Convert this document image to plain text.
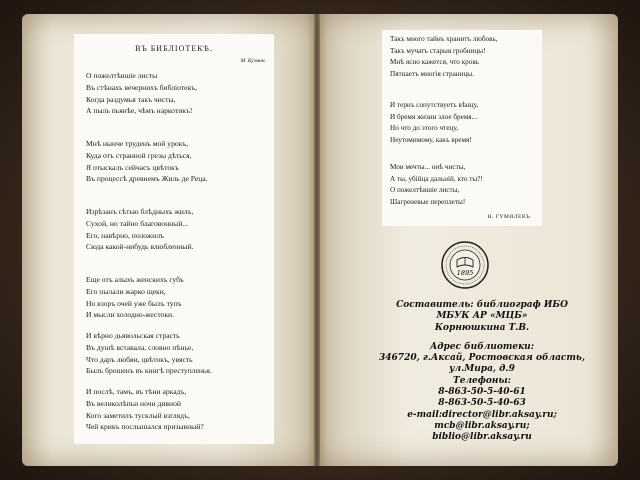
ВЪ БИБЛІОТЕКѢ.
М. Кузмин.
О пожелтѣвшіе листы
Въ стѣнахъ вечернихъ библіотекъ,
Когда раздумья такъ чисты,
А пыль пьянѣе, чѣмъ наркотикъ!
Мнѣ нынче труденъ мой урокъ,
Куда отъ странной грезы дѣться,
Я отыскалъ сейчасъ цвѣтокъ
Въ процессѣ древнемъ Жиль де Реца.
Изрѣзанъ сѣтью блѣдныхъ жилъ,
Сухой, но тайно благовонный...
Его, навѣрно, положилъ
Сюда какой-нибудь влюбленный.
Еще отъ алыхъ женскихъ губъ
Его пылали жарко щеки,
Но взоръ очей уже былъ тупъ
И мысли холодно-жестоки.
И вѣрно дьявольская страсть
Въ душѣ вставала, словно пѣнье,
Что даръ любви, цвѣтокъ, увясть
Былъ брошенъ въ книгѣ преступленья.
И послѣ, тамъ, въ тѣни аркадъ,
Въ великолѣпьи ночи дивной
Кого заметилъ тусклый взглядъ,
Чей крикъ послышался призывный?
Такъ много тайнъ хранитъ любовь,
Такъ мучатъ старыя гробницы!
Мнѣ ясно кажется, что кровь
Пятнаетъ многія страницы.
И тернъ сопутствуетъ вѣнцу,
И бремя жизни злое бремя...
Но что до этого чтецу,
Неутомимому, какъ время!
Мои мечты... онѣ чисты,
А ты, убійца дальній, кто ты?!
О пожелтѣвшіе листы,
Шагреневые переплеты!
Н. ГУМИЛЕВЪ.
1895
Составитель: библиограф ИБО
МБУК АР «МЦБ»
Корнюшкина Т.В.
Адрес библиотеки:
346720, г.Аксай, Ростовская область,
ул.Мира, д.9
Телефоны:
8-863-50-5-40-61
8-863-50-5-40-63
e-mail:director@libr.aksay.ru;
mcb@libr.aksay.ru;
biblio@libr.aksay.ru
